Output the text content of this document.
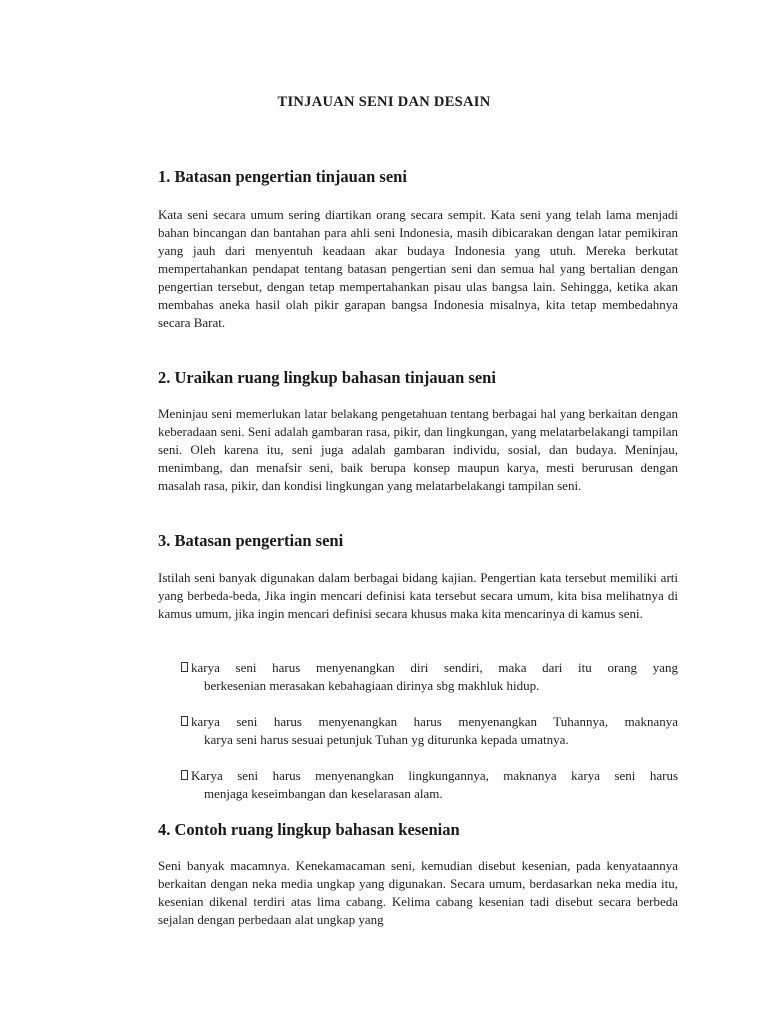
TINJAUAN SENI DAN DESAIN
1. Batasan pengertian tinjauan seni

Kata seni secara umum sering diartikan orang secara sempit. Kata seni yang telah lama menjadi bahan bincangan dan bantahan para ahli seni Indonesia, masih dibicarakan dengan latar pemikiran yang jauh dari menyentuh keadaan akar budaya Indonesia yang utuh. Mereka berkutat mempertahankan pendapat tentang batasan pengertian seni dan semua hal yang bertalian dengan pengertian tersebut, dengan tetap mempertahankan pisau ulas bangsa lain. Sehingga, ketika akan membahas aneka hasil olah pikir garapan bangsa Indonesia misalnya, kita tetap membedahnya secara Barat.

2. Uraikan ruang lingkup bahasan tinjauan seni

Meninjau seni memerlukan latar belakang pengetahuan tentang berbagai hal yang berkaitan dengan keberadaan seni. Seni adalah gambaran rasa, pikir, dan lingkungan, yang melatarbelakangi tampilan seni. Oleh karena itu, seni juga adalah gambaran individu, sosial, dan budaya. Meninjau, menimbang, dan menafsir seni, baik berupa konsep maupun karya, mesti berurusan dengan masalah rasa, pikir, dan kondisi lingkungan yang melatarbelakangi tampilan seni.

3. Batasan pengertian seni

Istilah seni banyak digunakan dalam berbagai bidang kajian. Pengertian kata tersebut memiliki arti yang berbeda-beda, Jika ingin mencari definisi kata tersebut secara umum, kita bisa melihatnya di kamus umum, jika ingin mencari definisi secara khusus maka kita mencarinya di kamus seni.

karya seni harus menyenangkan diri sendiri, maka dari itu orang yang
berkesenian merasakan kebahagiaan dirinya sbg makhluk hidup.
karya seni harus menyenangkan harus menyenangkan Tuhannya, maknanya
karya seni harus sesuai petunjuk Tuhan yg diturunka kepada umatnya.
Karya seni harus menyenangkan lingkungannya, maknanya karya seni harus
menjaga keseimbangan dan keselarasan alam.
4. Contoh ruang lingkup bahasan kesenian

Seni banyak macamnya. Kenekamacaman seni, kemudian disebut kesenian, pada kenyataannya berkaitan dengan neka media ungkap yang digunakan. Secara umum, berdasarkan neka media itu, kesenian dikenal terdiri atas lima cabang. Kelima cabang kesenian tadi disebut secara berbeda sejalan dengan perbedaan alat ungkap yang
